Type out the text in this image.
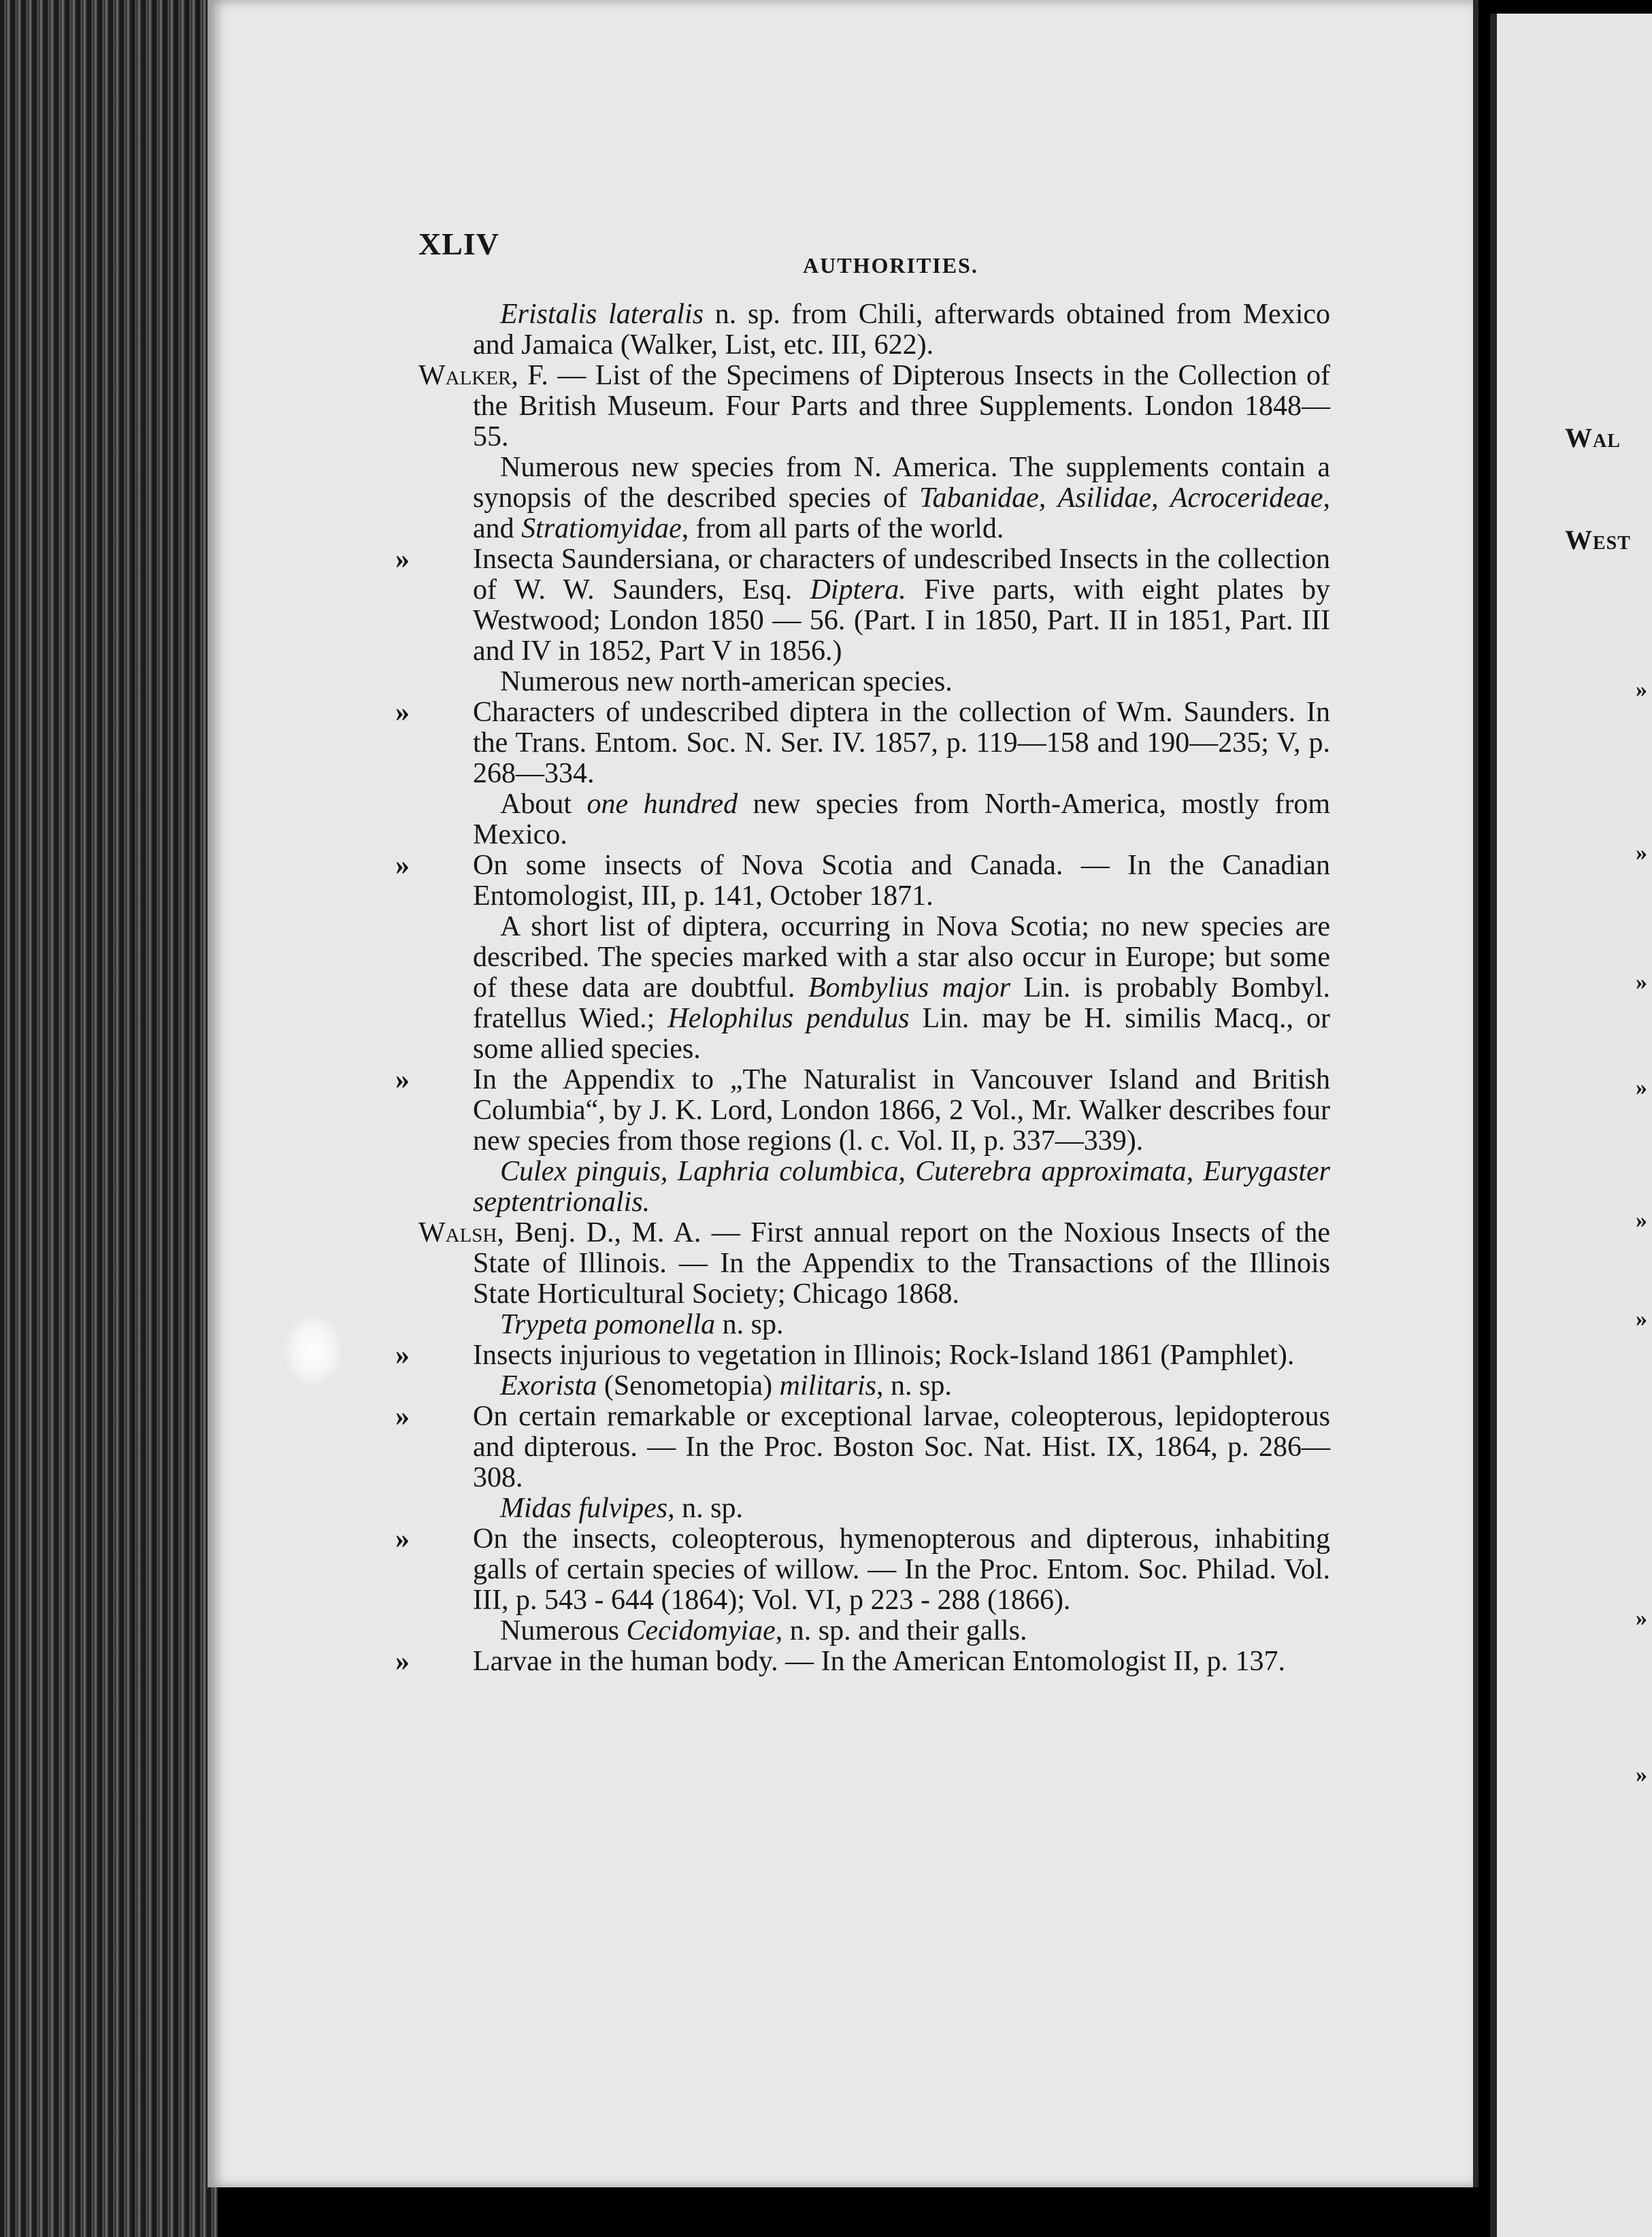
Wal
West
»
»
»
»
»
»
»
»
XLIV
AUTHORITIES.

Eristalis lateralis n. sp. from Chili, afterwards obtained from Mexico and Jamaica (Walker, List, etc. III, 622).

Walker, F. — List of the Specimens of Dipterous Insects in the Collection of the British Museum. Four Parts and three Supplements. London 1848—55.

Numerous new species from N. America. The supplements contain a synopsis of the described species of Tabanidae, Asilidae, Acrocerideae, and Stratiomyidae, from all parts of the world.

» Insecta Saundersiana, or characters of undescribed Insects in the collection of W. W. Saunders, Esq. Diptera. Five parts, with eight plates by Westwood; London 1850 — 56. (Part. I in 1850, Part. II in 1851, Part. III and IV in 1852, Part V in 1856.)

Numerous new north-american species.

» Characters of undescribed diptera in the collection of Wm. Saunders. In the Trans. Entom. Soc. N. Ser. IV. 1857, p. 119—158 and 190—235; V, p. 268—334.

About one hundred new species from North-America, mostly from Mexico.

» On some insects of Nova Scotia and Canada. — In the Canadian Entomologist, III, p. 141, October 1871.

A short list of diptera, occurring in Nova Scotia; no new species are described. The species marked with a star also occur in Europe; but some of these data are doubtful. Bombylius major Lin. is probably Bombyl. fratellus Wied.; Helophilus pendulus Lin. may be H. similis Macq., or some allied species.

» In the Appendix to „The Naturalist in Vancouver Island and British Columbia“, by J. K. Lord, London 1866, 2 Vol., Mr. Walker describes four new species from those regions (l. c. Vol. II, p. 337—339).

Culex pinguis, Laphria columbica, Cuterebra approximata, Eurygaster septentrionalis.

Walsh, Benj. D., M. A. — First annual report on the Noxious Insects of the State of Illinois. — In the Appendix to the Transactions of the Illinois State Horticultural Society; Chicago 1868.

Trypeta pomonella n. sp.

» Insects injurious to vegetation in Illinois; Rock-Island 1861 (Pamphlet).

Exorista (Senometopia) militaris, n. sp.

» On certain remarkable or exceptional larvae, coleopterous, lepidopterous and dipterous. — In the Proc. Boston Soc. Nat. Hist. IX, 1864, p. 286—308.

Midas fulvipes, n. sp.

» On the insects, coleopterous, hymenopterous and dipterous, inhabiting galls of certain species of willow. — In the Proc. Entom. Soc. Philad. Vol. III, p. 543 - 644 (1864); Vol. VI, p 223 - 288 (1866).

Numerous Cecidomyiae, n. sp. and their galls.

» Larvae in the human body. — In the American Entomologist II, p. 137.
